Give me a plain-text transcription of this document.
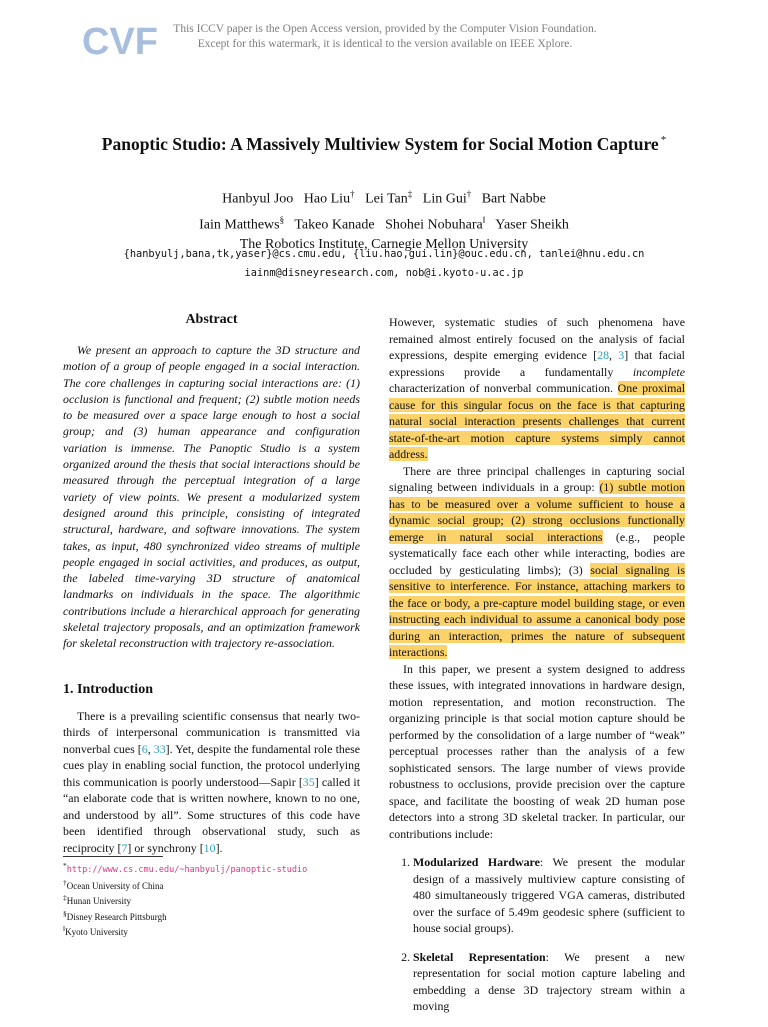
CVF	This ICCV paper is the Open Access version, provided by the Computer Vision Foundation.
Except for this watermark, it is identical to the version available on IEEE Xplore.
Panoptic Studio: A Massively Multiview System for Social Motion Capture *
Hanbyul Joo Hao Liu† Lei Tan‡ Lin Gui† Bart Nabbe
Iain Matthews§ Takeo Kanade Shohei Nobuhara‖ Yaser Sheikh
The Robotics Institute, Carnegie Mellon University
{hanbyulj,bana,tk,yaser}@cs.cmu.edu, {liu.hao,gui.lin}@ouc.edu.cn, tanlei@hnu.edu.cn
iainm@disneyresearch.com, nob@i.kyoto-u.ac.jp
Abstract

We present an approach to capture the 3D structure and motion of a group of people engaged in a social interaction. The core challenges in capturing social interactions are: (1) occlusion is functional and frequent; (2) subtle motion needs to be measured over a space large enough to host a social group; and (3) human appearance and configuration variation is immense. The Panoptic Studio is a system organized around the thesis that social interactions should be measured through the perceptual integration of a large variety of view points. We present a modularized system designed around this principle, consisting of integrated structural, hardware, and software innovations. The system takes, as input, 480 synchronized video streams of multiple people engaged in social activities, and produces, as output, the labeled time-varying 3D structure of anatomical landmarks on individuals in the space. The algorithmic contributions include a hierarchical approach for generating skeletal trajectory proposals, and an optimization framework for skeletal reconstruction with trajectory re-association.

1. Introduction

There is a prevailing scientific consensus that nearly two-thirds of interpersonal communication is transmitted via nonverbal cues [6, 33]. Yet, despite the fundamental role these cues play in enabling social function, the protocol underlying this communication is poorly understood—Sapir [35] called it “an elaborate code that is written nowhere, known to no one, and understood by all”. Some structures of this code have been identified through observational study, such as reciprocity [7] or synchrony [10].

*http://www.cs.cmu.edu/~hanbyulj/panoptic-studio
†Ocean University of China
‡Hunan University
§Disney Research Pittsburgh
‖Kyoto University

However, systematic studies of such phenomena have remained almost entirely focused on the analysis of facial expressions, despite emerging evidence [28, 3] that facial expressions provide a fundamentally incomplete characterization of nonverbal communication. One proximal cause for this singular focus on the face is that capturing natural social interaction presents challenges that current state-of-the-art motion capture systems simply cannot address.

There are three principal challenges in capturing social signaling between individuals in a group: (1) subtle motion has to be measured over a volume sufficient to house a dynamic social group; (2) strong occlusions functionally emerge in natural social interactions (e.g., people systematically face each other while interacting, bodies are occluded by gesticulating limbs); (3) social signaling is sensitive to interference. For instance, attaching markers to the face or body, a pre-capture model building stage, or even instructing each individual to assume a canonical body pose during an interaction, primes the nature of subsequent interactions.

In this paper, we present a system designed to address these issues, with integrated innovations in hardware design, motion representation, and motion reconstruction. The organizing principle is that social motion capture should be performed by the consolidation of a large number of “weak” perceptual processes rather than the analysis of a few sophisticated sensors. The large number of views provide robustness to occlusions, provide precision over the capture space, and facilitate the boosting of weak 2D human pose detectors into a strong 3D skeletal tracker. In particular, our contributions include:

1. Modularized Hardware: We present the modular design of a massively multiview capture consisting of 480 simultaneously triggered VGA cameras, distributed over the surface of 5.49m geodesic sphere (sufficient to house social groups).
2. Skeletal Representation: We present a new representation for social motion capture labeling and embedding a dense 3D trajectory stream within a moving
